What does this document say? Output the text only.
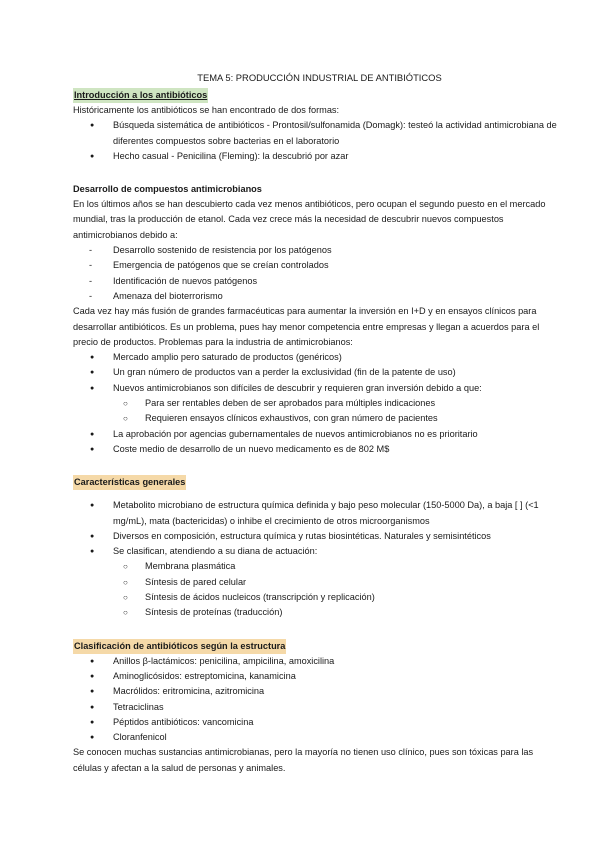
TEMA 5: PRODUCCIÓN INDUSTRIAL DE ANTIBIÓTICOS

Introducción a los antibióticos

Históricamente los antibióticos se han encontrado de dos formas:

● Búsqueda sistemática de antibióticos - Prontosil/sulfonamida (Domagk): testeó la actividad antimicrobiana de diferentes compuestos sobre bacterias en el laboratorio
● Hecho casual - Penicilina (Fleming): la descubrió por azar
Desarrollo de compuestos antimicrobianos

En los últimos años se han descubierto cada vez menos antibióticos, pero ocupan el segundo puesto en el mercado mundial, tras la producción de etanol. Cada vez crece más la necesidad de descubrir nuevos compuestos antimicrobianos debido a:

- Desarrollo sostenido de resistencia por los patógenos
- Emergencia de patógenos que se creían controlados
- Identificación de nuevos patógenos
- Amenaza del bioterrorismo

Cada vez hay más fusión de grandes farmacéuticas para aumentar la inversión en I+D y en ensayos clínicos para desarrollar antibióticos. Es un problema, pues hay menor competencia entre empresas y llegan a acuerdos para el precio de productos. Problemas para la industria de antimicrobianos:

● Mercado amplio pero saturado de productos (genéricos)
● Un gran número de productos van a perder la exclusividad (fin de la patente de uso)
● Nuevos antimicrobianos son difíciles de descubrir y requieren gran inversión debido a que:
○ Para ser rentables deben de ser aprobados para múltiples indicaciones
○ Requieren ensayos clínicos exhaustivos, con gran número de pacientes
● La aprobación por agencias gubernamentales de nuevos antimicrobianos no es prioritario
● Coste medio de desarrollo de un nuevo medicamento es de 802 M$
Características generales
● Metabolito microbiano de estructura química definida y bajo peso molecular (150-5000 Da), a baja [ ] (<1 mg/mL), mata (bactericidas) o inhibe el crecimiento de otros microorganismos
● Diversos en composición, estructura química y rutas biosintéticas. Naturales y semisintéticos
● Se clasifican, atendiendo a su diana de actuación:
○ Membrana plasmática
○ Síntesis de pared celular
○ Síntesis de ácidos nucleicos (transcripción y replicación)
○ Síntesis de proteínas (traducción)
Clasificación de antibióticos según la estructura
● Anillos β-lactámicos: penicilina, ampicilina, amoxicilina
● Aminoglicósidos: estreptomicina, kanamicina
● Macrólidos: eritromicina, azitromicina
● Tetraciclinas
● Péptidos antibióticos: vancomicina
● Cloranfenicol

Se conocen muchas sustancias antimicrobianas, pero la mayoría no tienen uso clínico, pues son tóxicas para las células y afectan a la salud de personas y animales.
